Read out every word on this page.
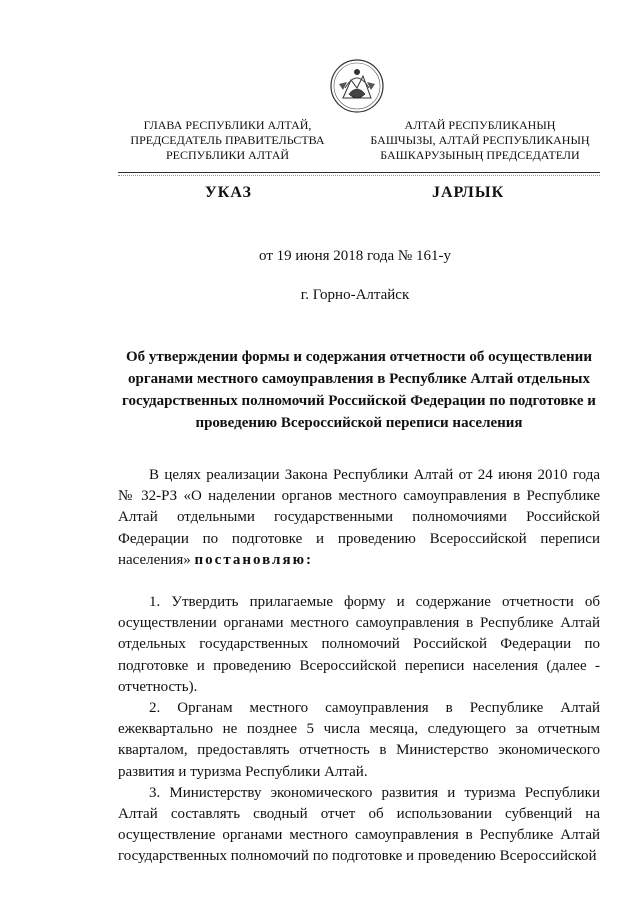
ГЛАВА РЕСПУБЛИКИ АЛТАЙ,
ПРЕДСЕДАТЕЛЬ ПРАВИТЕЛЬСТВА
РЕСПУБЛИКИ АЛТАЙ
АЛТАЙ РЕСПУБЛИКАНЫҢ
БАШЧЫЗЫ, АЛТАЙ РЕСПУБЛИКАНЫҢ
БАШКАРУЗЫНЫҢ ПРЕДСЕДАТЕЛИ
УКАЗ	ЈАРЛЫК
от 19 июня 2018 года № 161-у
г. Горно-Алтайск
Об утверждении формы и содержания отчетности об осуществлении органами местного самоуправления в Республике Алтай отдельных государственных полномочий Российской Федерации по подготовке и проведению Всероссийской переписи населения

В целях реализации Закона Республики Алтай от 24 июня 2010 года № 32-РЗ «О наделении органов местного самоуправления в Республике Алтай отдельными государственными полномочиями Российской Федерации по подготовке и проведению Всероссийской переписи населения» постановляю:

1. Утвердить прилагаемые форму и содержание отчетности об осуществлении органами местного самоуправления в Республике Алтай отдельных государственных полномочий Российской Федерации по подготовке и проведению Всероссийской переписи населения (далее - отчетность).

2. Органам местного самоуправления в Республике Алтай ежеквартально не позднее 5 числа месяца, следующего за отчетным кварталом, предоставлять отчетность в Министерство экономического развития и туризма Республики Алтай.

3. Министерству экономического развития и туризма Республики Алтай составлять сводный отчет об использовании субвенций на осуществление органами местного самоуправления в Республике Алтай государственных полномочий по подготовке и проведению Всероссийской
